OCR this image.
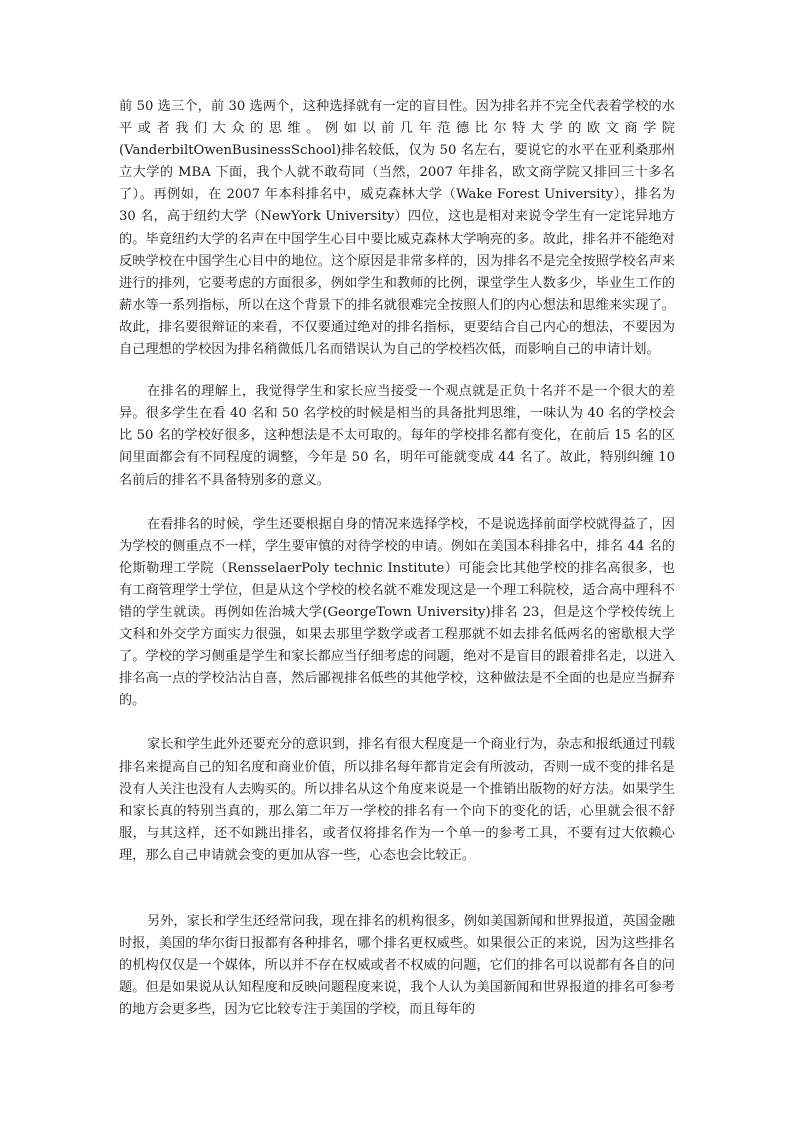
前 50 选三个，前 30 选两个，这种选择就有一定的盲目性。因为排名并不完全代表着学校的水平或者我们大众的思维。例如以前几年范德比尔特大学的欧文商学院(VanderbiltOwenBusinessSchool)排名较低，仅为 50 名左右，要说它的水平在亚利桑那州立大学的 MBA 下面，我个人就不敢苟同（当然，2007 年排名，欧文商学院又排回三十多名了）。再例如，在 2007 年本科排名中，威克森林大学（Wake Forest University），排名为 30 名，高于纽约大学（NewYork University）四位，这也是相对来说令学生有一定诧异地方的。毕竟纽约大学的名声在中国学生心目中要比威克森林大学响亮的多。故此，排名并不能绝对反映学校在中国学生心目中的地位。这个原因是非常多样的，因为排名不是完全按照学校名声来进行的排列，它要考虑的方面很多，例如学生和教师的比例，课堂学生人数多少，毕业生工作的薪水等一系列指标，所以在这个背景下的排名就很难完全按照人们的内心想法和思维来实现了。故此，排名要很辩证的来看，不仅要通过绝对的排名指标，更要结合自己内心的想法，不要因为自己理想的学校因为排名稍微低几名而错误认为自己的学校档次低，而影响自己的申请计划。

在排名的理解上，我觉得学生和家长应当接受一个观点就是正负十名并不是一个很大的差异。很多学生在看 40 名和 50 名学校的时候是相当的具备批判思维，一味认为 40 名的学校会比 50 名的学校好很多，这种想法是不太可取的。每年的学校排名都有变化，在前后 15 名的区间里面都会有不同程度的调整，今年是 50 名，明年可能就变成 44 名了。故此，特别纠缠 10 名前后的排名不具备特别多的意义。

在看排名的时候，学生还要根据自身的情况来选择学校，不是说选择前面学校就得益了，因为学校的侧重点不一样，学生要审慎的对待学校的申请。例如在美国本科排名中，排名 44 名的伦斯勒理工学院（RensselaerPoly technic Institute）可能会比其他学校的排名高很多，也有工商管理学士学位，但是从这个学校的校名就不难发现这是一个理工科院校，适合高中理科不错的学生就读。再例如佐治城大学(GeorgeTown University)排名 23，但是这个学校传统上文科和外交学方面实力很强，如果去那里学数学或者工程那就不如去排名低两名的密歇根大学了。学校的学习侧重是学生和家长都应当仔细考虑的问题，绝对不是盲目的跟着排名走，以进入排名高一点的学校沾沾自喜，然后鄙视排名低些的其他学校，这种做法是不全面的也是应当摒弃的。

家长和学生此外还要充分的意识到，排名有很大程度是一个商业行为，杂志和报纸通过刊载排名来提高自己的知名度和商业价值，所以排名每年都肯定会有所波动，否则一成不变的排名是没有人关注也没有人去购买的。所以排名从这个角度来说是一个推销出版物的好方法。如果学生和家长真的特别当真的，那么第二年万一学校的排名有一个向下的变化的话，心里就会很不舒服，与其这样，还不如跳出排名，或者仅将排名作为一个单一的参考工具，不要有过大依赖心理，那么自己申请就会变的更加从容一些，心态也会比较正。

另外，家长和学生还经常问我，现在排名的机构很多，例如美国新闻和世界报道，英国金融时报，美国的华尔街日报都有各种排名，哪个排名更权威些。如果很公正的来说，因为这些排名的机构仅仅是一个媒体，所以并不存在权威或者不权威的问题，它们的排名可以说都有各自的问题。但是如果说从认知程度和反映问题程度来说，我个人认为美国新闻和世界报道的排名可参考的地方会更多些，因为它比较专注于美国的学校，而且每年的
